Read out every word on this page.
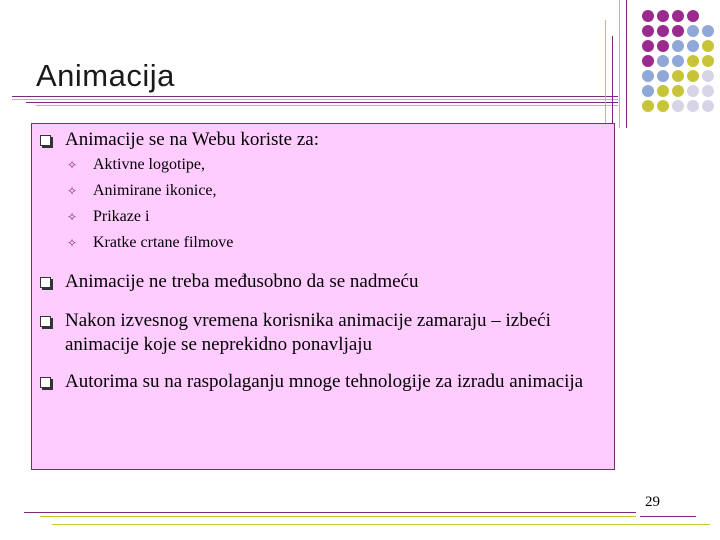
Animacija
Animacije se na Webu koriste za:
✧ Aktivne logotipe,
✧ Animirane ikonice,
✧ Prikaze i
✧ Kratke crtane filmove
Animacije ne treba međusobno da se nadmeću
Nakon izvesnog vremena korisnika animacije zamaraju – izbeći animacije koje se neprekidno ponavljaju
Autorima su na raspolaganju mnoge tehnologije za izradu animacija
29
